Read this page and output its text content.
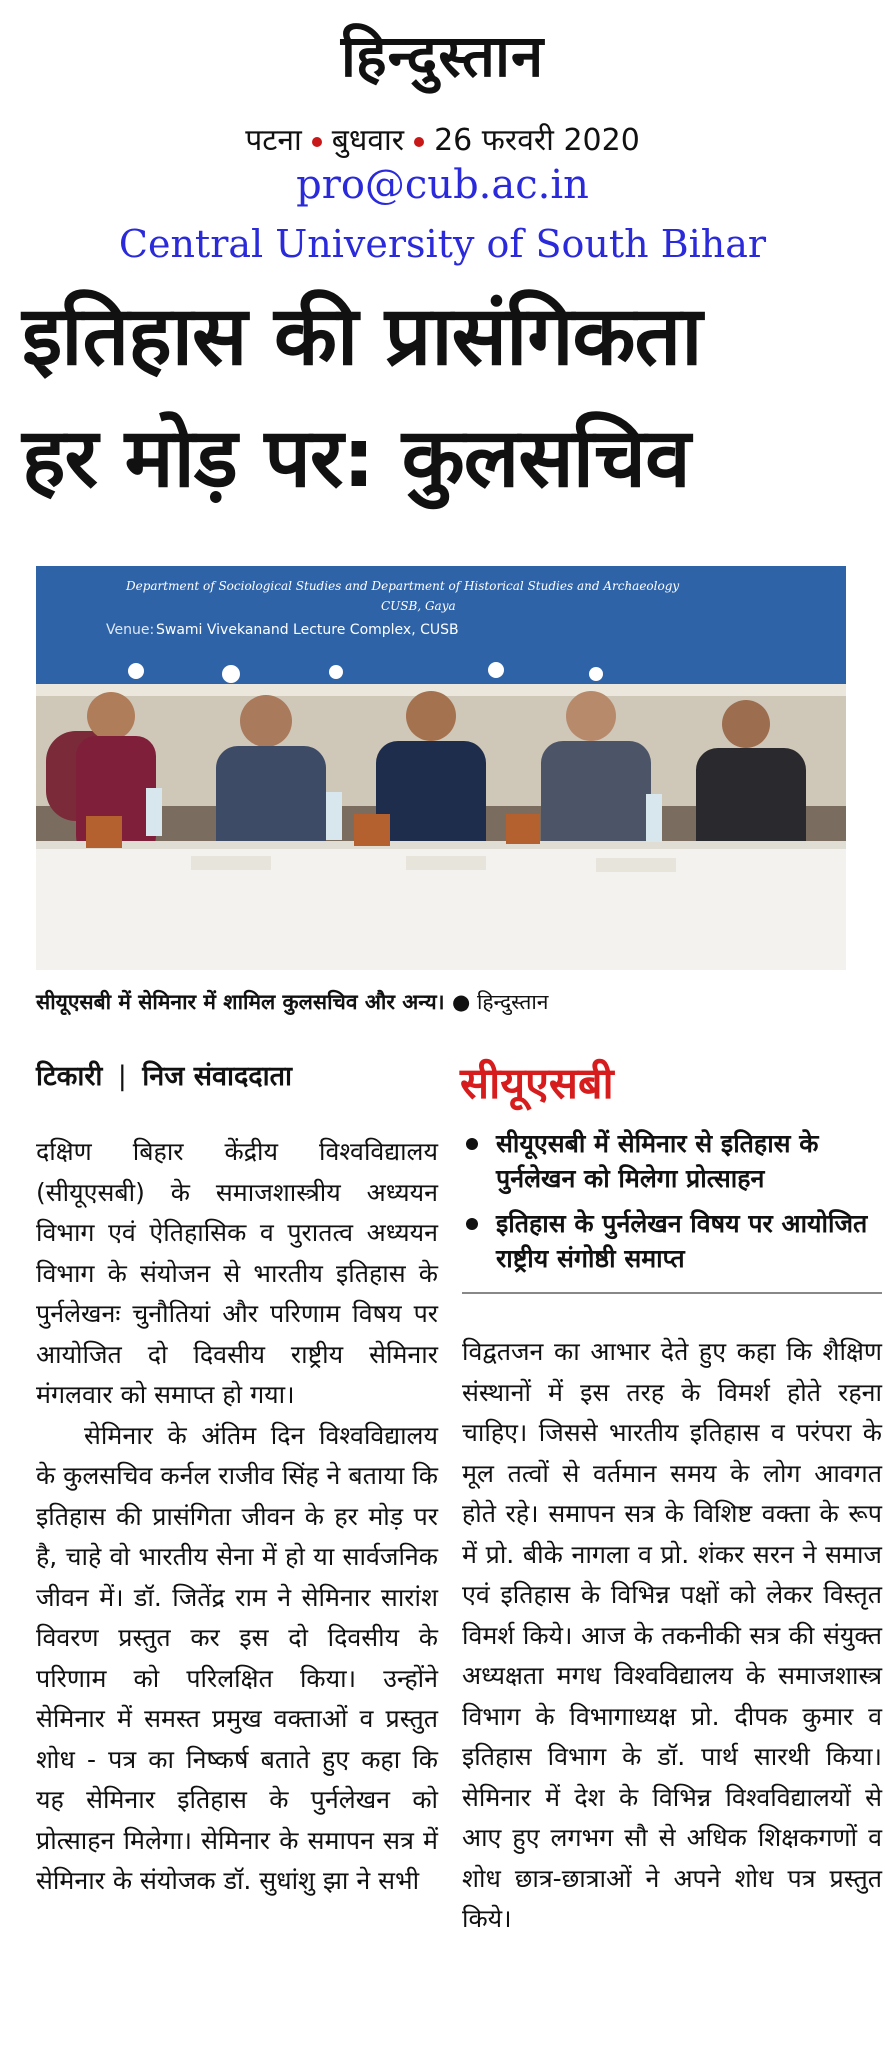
हिन्दुस्तान
पटना बुधवार 26 फरवरी 2020
pro@cub.ac.in
Central University of South Bihar
इतिहास की प्रासंगिकता
हर मोड़ पर: कुलसचिव
Department of Sociological Studies and Department of Historical Studies and Archaeology
CUSB, Gaya
Venue: Swami Vivekanand Lecture Complex, CUSB
सीयूएसबी में सेमिनार में शामिल कुलसचिव और अन्य। ● हिन्दुस्तान
टिकारी | निज संवाददाता	सीयूएसबी
सीयूएसबी में सेमिनार से इतिहास के पुर्नलेखन को मिलेगा प्रोत्साहन
इतिहास के पुर्नलेखन विषय पर आयोजित राष्ट्रीय संगोष्ठी समाप्त

दक्षिण बिहार केंद्रीय विश्वविद्यालय (सीयूएसबी) के समाजशास्त्रीय अध्ययन विभाग एवं ऐतिहासिक व पुरातत्व अध्ययन विभाग के संयोजन से भारतीय इतिहास के पुर्नलेखनः चुनौतियां और परिणाम विषय पर आयोजित दो दिवसीय राष्ट्रीय सेमिनार मंगलवार को समाप्त हो गया।

सेमिनार के अंतिम दिन विश्वविद्यालय के कुलसचिव कर्नल राजीव सिंह ने बताया कि इतिहास की प्रासंगिता जीवन के हर मोड़ पर है, चाहे वो भारतीय सेना में हो या सार्वजनिक जीवन में। डॉ. जितेंद्र राम ने सेमिनार सारांश विवरण प्रस्तुत कर इस दो दिवसीय के परिणाम को परिलक्षित किया। उन्होंने सेमिनार में समस्त प्रमुख वक्ताओं व प्रस्तुत शोध - पत्र का निष्कर्ष बताते हुए कहा कि यह सेमिनार इतिहास के पुर्नलेखन को प्रोत्साहन मिलेगा। सेमिनार के समापन सत्र में सेमिनार के संयोजक डॉ. सुधांशु झा ने सभी

विद्वतजन का आभार देते हुए कहा कि शैक्षिण संस्थानों में इस तरह के विमर्श होते रहना चाहिए। जिससे भारतीय इतिहास व परंपरा के मूल तत्वों से वर्तमान समय के लोग आवगत होते रहे। समापन सत्र के विशिष्ट वक्ता के रूप में प्रो. बीके नागला व प्रो. शंकर सरन ने समाज एवं इतिहास के विभिन्न पक्षों को लेकर विस्तृत विमर्श किये। आज के तकनीकी सत्र की संयुक्त अध्यक्षता मगध विश्वविद्यालय के समाजशास्त्र विभाग के विभागाध्यक्ष प्रो. दीपक कुमार व इतिहास विभाग के डॉ. पार्थ सारथी किया। सेमिनार में देश के विभिन्न विश्वविद्यालयों से आए हुए लगभग सौ से अधिक शिक्षकगणों व शोध छात्र-छात्राओं ने अपने शोध पत्र प्रस्तुत किये।
